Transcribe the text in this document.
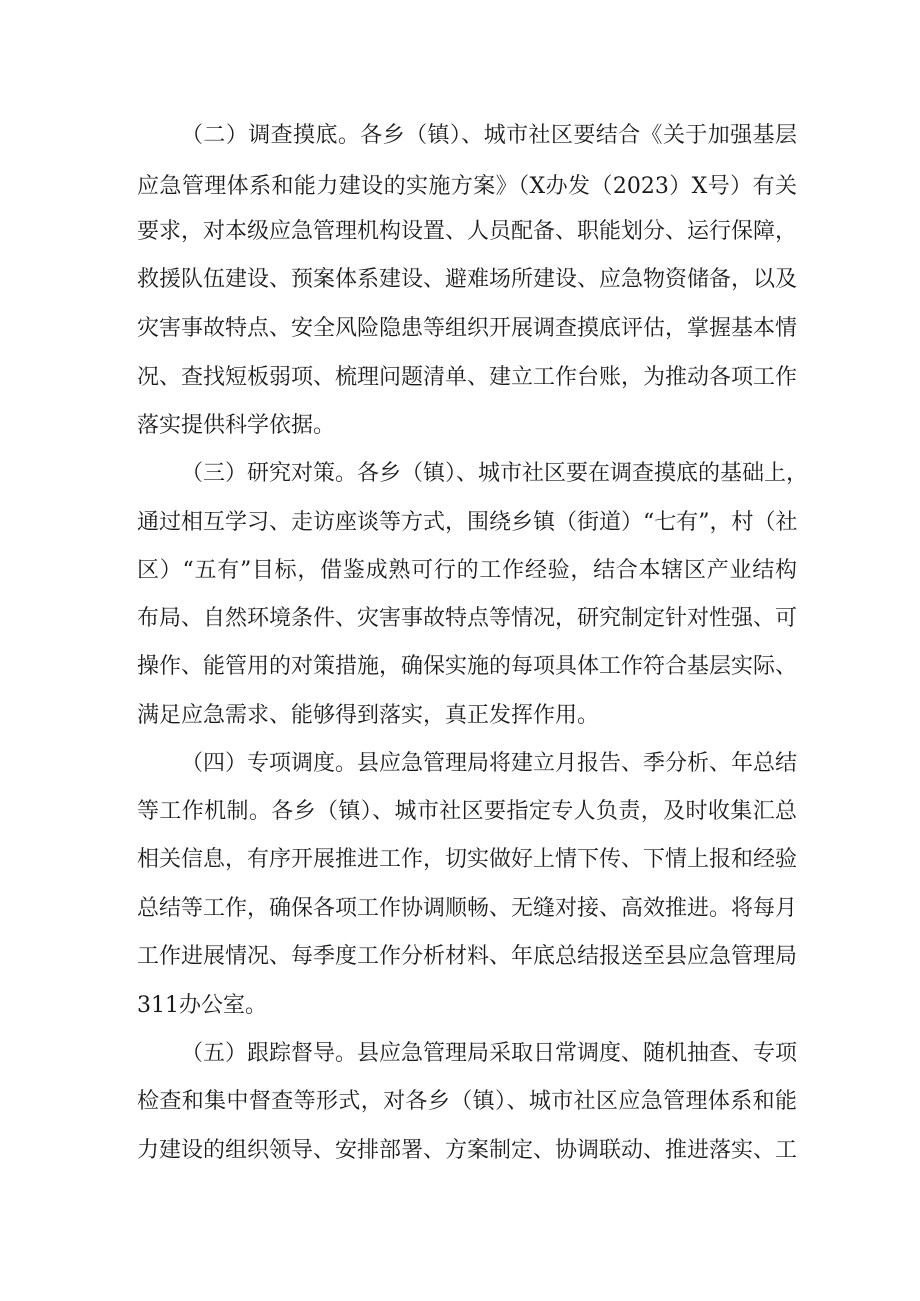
（二）调查摸底。各乡（镇）、城市社区要结合《关于加强基层

应急管理体系和能力建设的实施方案》（X办发（2023）X号）有关

要求，对本级应急管理机构设置、人员配备、职能划分、运行保障，

救援队伍建设、预案体系建设、避难场所建设、应急物资储备，以及

灾害事故特点、安全风险隐患等组织开展调查摸底评估，掌握基本情

况、查找短板弱项、梳理问题清单、建立工作台账，为推动各项工作

落实提供科学依据。

（三）研究对策。各乡（镇）、城市社区要在调查摸底的基础上，

通过相互学习、走访座谈等方式，围绕乡镇（街道）“七有”，村（社

区）“五有”目标，借鉴成熟可行的工作经验，结合本辖区产业结构

布局、自然环境条件、灾害事故特点等情况，研究制定针对性强、可

操作、能管用的对策措施，确保实施的每项具体工作符合基层实际、

满足应急需求、能够得到落实，真正发挥作用。

（四）专项调度。县应急管理局将建立月报告、季分析、年总结

等工作机制。各乡（镇）、城市社区要指定专人负责，及时收集汇总

相关信息，有序开展推进工作，切实做好上情下传、下情上报和经验

总结等工作，确保各项工作协调顺畅、无缝对接、高效推进。将每月

工作进展情况、每季度工作分析材料、年底总结报送至县应急管理局

311办公室。

（五）跟踪督导。县应急管理局采取日常调度、随机抽查、专项

检查和集中督查等形式，对各乡（镇）、城市社区应急管理体系和能

力建设的组织领导、安排部署、方案制定、协调联动、推进落实、工
